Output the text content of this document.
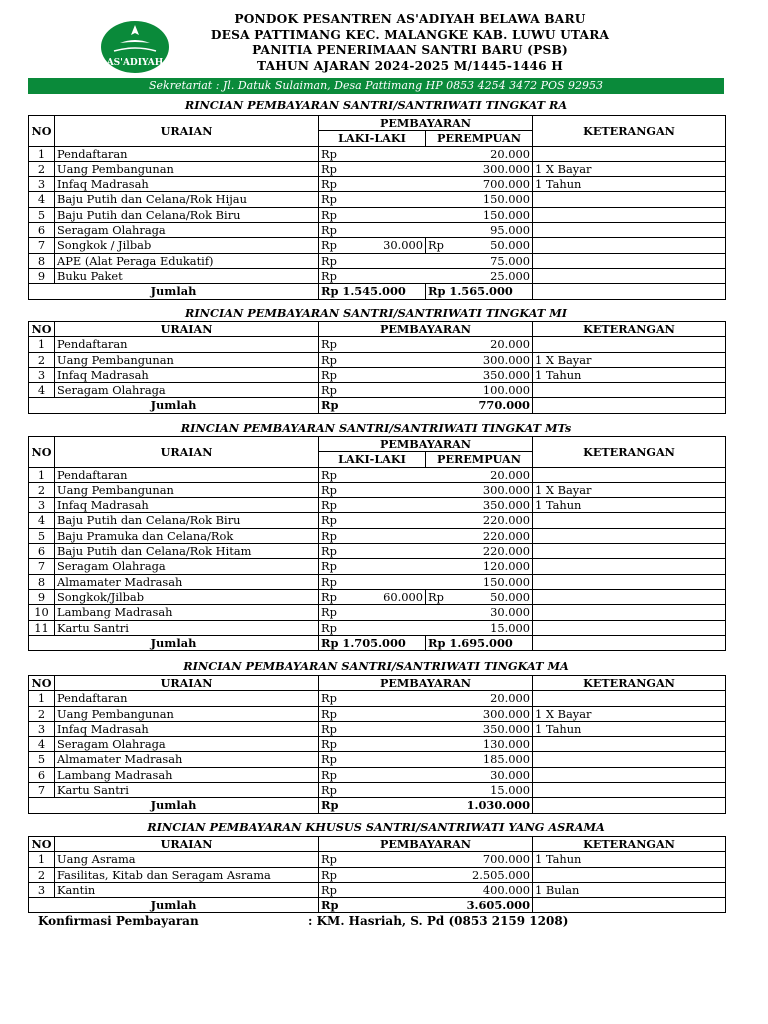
AS'ADIYAH
PONDOK PESANTREN AS'ADIYAH BELAWA BARU
DESA PATTIMANG KEC. MALANGKE KAB. LUWU UTARA
PANITIA PENERIMAAN SANTRI BARU (PSB)
TAHUN AJARAN 2024-2025 M/1445-1446 H
Sekretariat : Jl. Datuk Sulaiman, Desa Pattimang HP 0853 4254 3472 POS 92953
RINCIAN PEMBAYARAN SANTRI/SANTRIWATI TINGKAT RA
NO	URAIAN	PEMBAYARAN		KETERANGAN
		LAKI-LAKI	PEREMPUAN	
1	Pendaftaran	Rp 20.000		

2	Uang Pembangunan	Rp 300.000		1 X Bayar
3	Infaq Madrasah	Rp 700.000		1 Tahun
4	Baju Putih dan Celana/Rok Hijau	Rp 150.000		

5	Baju Putih dan Celana/Rok Biru	Rp 150.000		

6	Seragam Olahraga	Rp 95.000		

7	Songkok / Jilbab	Rp 30.000	Rp 50.000	

8	APE (Alat Peraga Edukatif)	Rp 75.000		

9	Buku Paket	Rp 25.000		

Jumlah		Rp 1.545.000	Rp 1.565.000	
RINCIAN PEMBAYARAN SANTRI/SANTRIWATI TINGKAT MI
NO	URAIAN	PEMBAYARAN	KETERANGAN
1	Pendaftaran	Rp 20.000	

2	Uang Pembangunan	Rp 300.000	1 X Bayar
3	Infaq Madrasah	Rp 350.000	1 Tahun
4	Seragam Olahraga	Rp 100.000	

Jumlah		Rp 770.000	

RINCIAN PEMBAYARAN SANTRI/SANTRIWATI TINGKAT MTs
NO	URAIAN	PEMBAYARAN		KETERANGAN
		LAKI-LAKI	PEREMPUAN	
1	Pendaftaran	Rp 20.000		

2	Uang Pembangunan	Rp 300.000		1 X Bayar
3	Infaq Madrasah	Rp 350.000		1 Tahun
4	Baju Putih dan Celana/Rok Biru	Rp 220.000		

5	Baju Pramuka dan Celana/Rok	Rp 220.000		

6	Baju Putih dan Celana/Rok Hitam	Rp 220.000		

7	Seragam Olahraga	Rp 120.000		

8	Almamater Madrasah	Rp 150.000		

9	Songkok/Jilbab	Rp 60.000	Rp 50.000	

10	Lambang Madrasah	Rp 30.000		

11	Kartu Santri	Rp 15.000		

Jumlah		Rp 1.705.000	Rp 1.695.000	
RINCIAN PEMBAYARAN SANTRI/SANTRIWATI TINGKAT MA
NO	URAIAN	PEMBAYARAN	KETERANGAN
1	Pendaftaran	Rp 20.000	

2	Uang Pembangunan	Rp 300.000	1 X Bayar
3	Infaq Madrasah	Rp 350.000	1 Tahun
4	Seragam Olahraga	Rp 130.000	

5	Almamater Madrasah	Rp 185.000	

6	Lambang Madrasah	Rp 30.000	

7	Kartu Santri	Rp 15.000	

Jumlah		Rp 1.030.000	

RINCIAN PEMBAYARAN KHUSUS SANTRI/SANTRIWATI YANG ASRAMA
NO	URAIAN	PEMBAYARAN	KETERANGAN
1	Uang Asrama	Rp 700.000	1 Tahun
2	Fasilitas, Kitab dan Seragam Asrama	Rp 2.505.000	

3	Kantin	Rp 400.000	1 Bulan
Jumlah		Rp 3.605.000	

Konfirmasi Pembayaran	: KM. Hasriah, S. Pd (0853 2159 1208)
